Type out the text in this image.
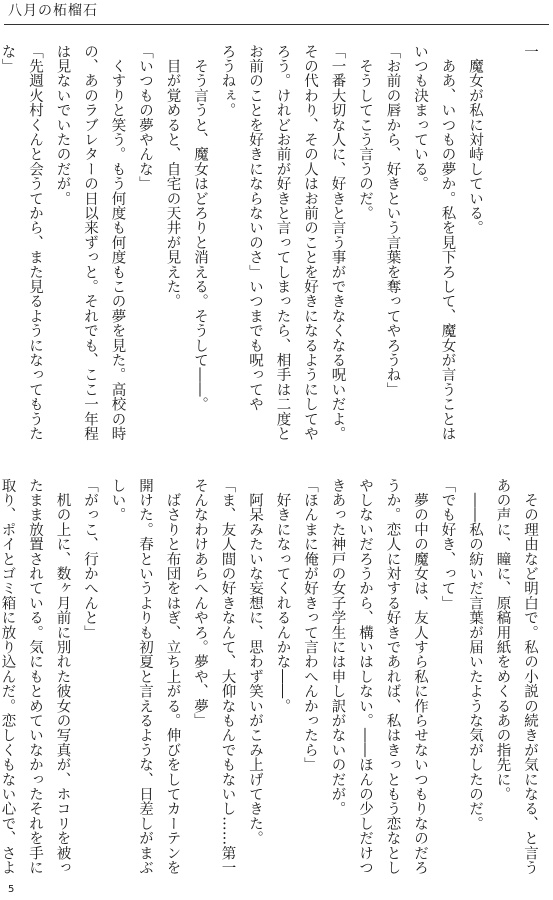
八月の柘榴石
一

　魔女が私に対峙している。
　ああ、いつもの夢か。私を見下ろして、魔女が言うことは
いつも決まっている。
「お前の唇から、好きという言葉を奪ってやろうね」
　そうしてこう言うのだ。
「一番大切な人に、好きと言う事ができなくなる呪いだよ。
その代わり、その人はお前のことを好きになるようにしてや
ろう。けれどお前が好きと言ってしまったら、相手は二度と
お前のことを好きにならないのさ」いつまでも呪ってや
ろうねぇ。
　そう言うと、魔女はどろりと消える。そうして――。
　目が覚めると、自宅の天井が見えた。
「いつもの夢やんな」
　くすりと笑う。もう何度も何度もこの夢を見た。高校の時
の、あのラブレターの日以来ずっと。それでも、ここ一年程
は見ないでいたのだが。
「先週火村くんと会うてから、また見るようになってもうた
な」
　その理由など明白で。私の小説の続きが気になる、と言う
あの声に、瞳に、原稿用紙をめくるあの指先に。
　――私の紡いだ言葉が届いたような気がしたのだ。
「でも好き、って」
　夢の中の魔女は、友人すら私に作らせないつもりなのだろ
うか。恋人に対する好きであれば、私はきっともう恋なとし
やしないだろうから、構いはしない。――ほんの少しだけつ
きあった神戸の女子学生には申し訳がないのだが。
「ほんまに俺が好きって言わへんかったら」
　好きになってくれるんかな――。
　阿呆みたいな妄想に、思わず笑いがこみ上げてきた。
「ま、友人間の好きなんて、大仰なもんでもないし……第一
そんなわけあらへんやろ。夢や、夢」
　ばさりと布団をはぎ、立ち上がる。伸びをしてカーテンを
開けた。春というよりも初夏と言えるような、日差しがまぶ
しい。
「がっこ、行かへんと」
　机の上に、数ヶ月前に別れた彼女の写真が、ホコリを被っ
たまま放置されている。気にもとめていなかったそれを手に
取り、ポイとゴミ箱に放り込んだ。恋しくもない心で、さよ
5
